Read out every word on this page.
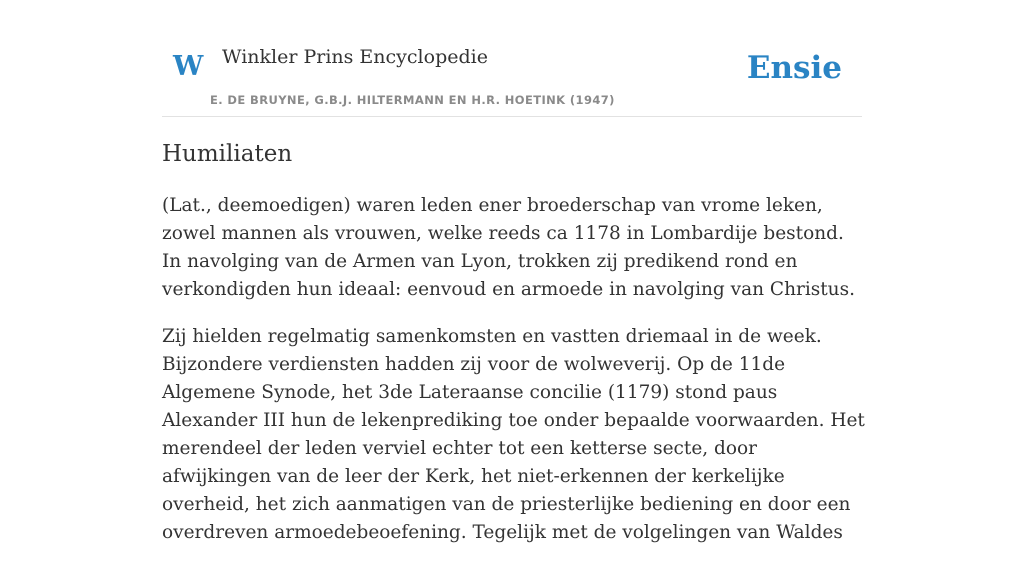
W Winkler Prins Encyclopedie
E. DE BRUYNE, G.B.J. HILTERMANN EN H.R. HOETINK (1947)
Ensie
Humiliaten

(Lat., deemoedigen) waren leden ener broederschap van vrome leken, zowel mannen als vrouwen, welke reeds ca 1178 in Lombardije bestond. In navolging van de Armen van Lyon, trokken zij predikend rond en verkondigden hun ideaal: eenvoud en armoede in navolging van Christus.

Zij hielden regelmatig samenkomsten en vastten driemaal in de week. Bijzondere verdiensten hadden zij voor de wolweverij. Op de 11de Algemene Synode, het 3de Lateraanse concilie (1179) stond paus Alexander III hun de lekenprediking toe onder bepaalde voorwaarden. Het merendeel der leden verviel echter tot een ketterse secte, door afwijkingen van de leer der Kerk, het niet-erkennen der kerkelijke overheid, het zich aanmatigen van de priesterlijke bediening en door een overdreven armoedebeoefening. Tegelijk met de volgelingen van Waldes
